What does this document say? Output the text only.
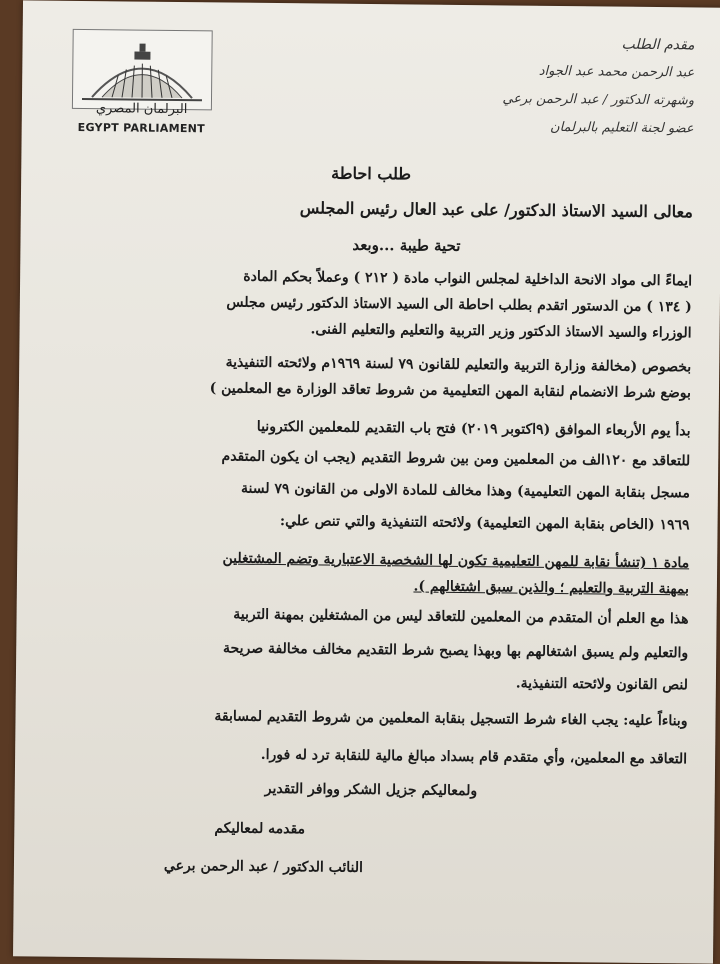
البرلمان المصري
EGYPT PARLIAMENT
مقدم الطلب
عبد الرحمن محمد عبد الجواد
وشهرته الدكتور / عبد الرحمن برعي
عضو لجنة التعليم بالبرلمان
طلب احاطة
معالى السيد الاستاذ الدكتور/ على عبد العال رئيس المجلس
تحية طيبة ...وبعد
ايماءً الى مواد الانحة الداخلية لمجلس النواب مادة ( ٢١٢ ) وعملاً بحكم المادة
( ١٣٤ ) من الدستور اتقدم بطلب احاطة الى السيد الاستاذ الدكتور رئيس مجلس
الوزراء والسيد الاستاذ الدكتور وزير التربية والتعليم والتعليم الفنى.
بخصوص (مخالفة وزارة التربية والتعليم للقانون ٧٩ لسنة ١٩٦٩م ولائحته التنفيذية
بوضع شرط الانضمام لنقابة المهن التعليمية من شروط تعاقد الوزارة مع المعلمين )
بدأ يوم الأربعاء الموافق (٩اكتوبر ٢٠١٩) فتح باب التقديم للمعلمين الكترونيا
للتعاقد مع ١٢٠الف من المعلمين ومن بين شروط التقديم (يجب ان يكون المتقدم
مسجل بنقابة المهن التعليمية) وهذا مخالف للمادة الاولى من القانون ٧٩ لسنة
١٩٦٩ (الخاص بنقابة المهن التعليمية) ولائحته التنفيذية والتي تنص علي:
مادة ١ (تنشأ نقابة للمهن التعليمية تكون لها الشخصية الاعتبارية وتضم المشتغلين
بمهنة التربية والتعليم ؛ والذين سبق اشتغالهم ).
هذا مع العلم أن المتقدم من المعلمين للتعاقد ليس من المشتغلين بمهنة التربية
والتعليم ولم يسبق اشتغالهم بها وبهذا يصبح شرط التقديم مخالف مخالفة صريحة
لنص القانون ولائحته التنفيذية.
وبناءاً عليه: يجب الغاء شرط التسجيل بنقابة المعلمين من شروط التقديم لمسابقة
التعاقد مع المعلمين، وأي متقدم قام بسداد مبالغ مالية للنقابة ترد له فورا.
ولمعاليكم جزيل الشكر ووافر التقدير
مقدمه لمعاليكم
النائب الدكتور / عبد الرحمن برعي
